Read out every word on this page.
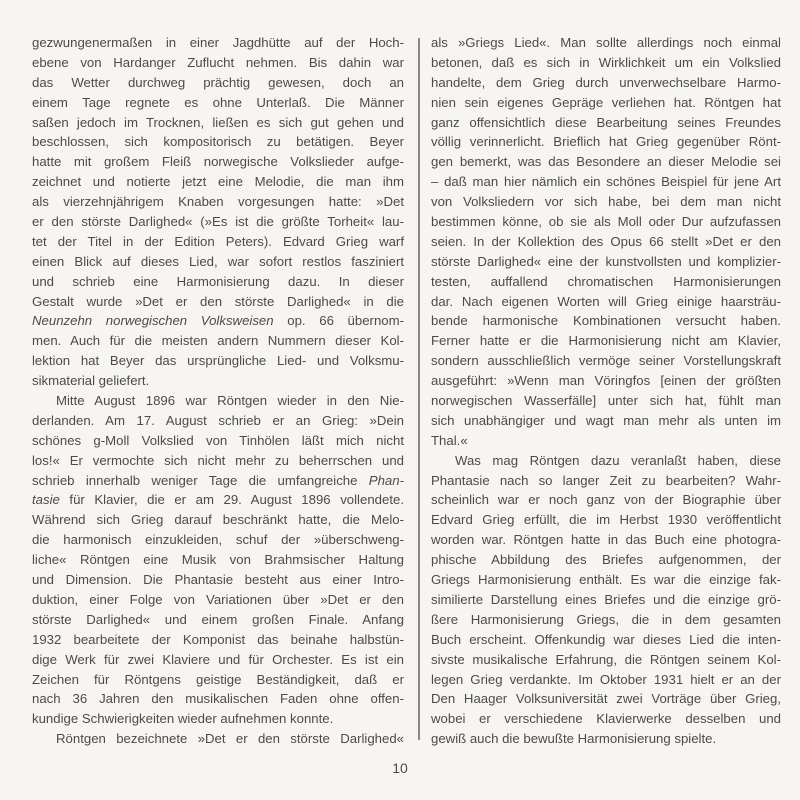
gezwungenermaßen in einer Jagdhütte auf der Hoch-
ebene von Hardanger Zuflucht nehmen. Bis dahin war
das Wetter durchweg prächtig gewesen, doch an
einem Tage regnete es ohne Unterlaß. Die Männer
saßen jedoch im Trocknen, ließen es sich gut gehen und
beschlossen, sich kompositorisch zu betätigen. Beyer
hatte mit großem Fleiß norwegische Volkslieder aufge-
zeichnet und notierte jetzt eine Melodie, die man ihm
als vierzehnjährigem Knaben vorgesungen hatte: »Det
er den störste Darlighed« (»Es ist die größte Torheit« lau-
tet der Titel in der Edition Peters). Edvard Grieg warf
einen Blick auf dieses Lied, war sofort restlos fasziniert
und schrieb eine Harmonisierung dazu. In dieser
Gestalt wurde »Det er den störste Darlighed« in die
Neunzehn norwegischen Volksweisen op. 66 übernom-
men. Auch für die meisten andern Nummern dieser Kol-
lektion hat Beyer das ursprüngliche Lied- und Volksmu-
sikmaterial geliefert.
Mitte August 1896 war Röntgen wieder in den Nie-
derlanden. Am 17. August schrieb er an Grieg: »Dein
schönes g-Moll Volkslied von Tinhölen läßt mich nicht
los!« Er vermochte sich nicht mehr zu beherrschen und
schrieb innerhalb weniger Tage die umfangreiche Phan-
tasie für Klavier, die er am 29. August 1896 vollendete.
Während sich Grieg darauf beschränkt hatte, die Melo-
die harmonisch einzukleiden, schuf der »überschweng-
liche« Röntgen eine Musik von Brahmsischer Haltung
und Dimension. Die Phantasie besteht aus einer Intro-
duktion, einer Folge von Variationen über »Det er den
störste Darlighed« und einem großen Finale. Anfang
1932 bearbeitete der Komponist das beinahe halbstün-
dige Werk für zwei Klaviere und für Orchester. Es ist ein
Zeichen für Röntgens geistige Beständigkeit, daß er
nach 36 Jahren den musikalischen Faden ohne offen-
kundige Schwierigkeiten wieder aufnehmen konnte.
Röntgen bezeichnete »Det er den störste Darlighed«
als »Griegs Lied«. Man sollte allerdings noch einmal
betonen, daß es sich in Wirklichkeit um ein Volkslied
handelte, dem Grieg durch unverwechselbare Harmo-
nien sein eigenes Gepräge verliehen hat. Röntgen hat
ganz offensichtlich diese Bearbeitung seines Freundes
völlig verinnerlicht. Brieflich hat Grieg gegenüber Rönt-
gen bemerkt, was das Besondere an dieser Melodie sei
– daß man hier nämlich ein schönes Beispiel für jene Art
von Volksliedern vor sich habe, bei dem man nicht
bestimmen könne, ob sie als Moll oder Dur aufzufassen
seien. In der Kollektion des Opus 66 stellt »Det er den
störste Darlighed« eine der kunstvollsten und komplizier-
testen, auffallend chromatischen Harmonisierungen
dar. Nach eigenen Worten will Grieg einige haarsträu-
bende harmonische Kombinationen versucht haben.
Ferner hatte er die Harmonisierung nicht am Klavier,
sondern ausschließlich vermöge seiner Vorstellungskraft
ausgeführt: »Wenn man Vöringfos [einen der größten
norwegischen Wasserfälle] unter sich hat, fühlt man
sich unabhängiger und wagt man mehr als unten im
Thal.«
Was mag Röntgen dazu veranlaßt haben, diese
Phantasie nach so langer Zeit zu bearbeiten? Wahr-
scheinlich war er noch ganz von der Biographie über
Edvard Grieg erfüllt, die im Herbst 1930 veröffentlicht
worden war. Röntgen hatte in das Buch eine photogra-
phische Abbildung des Briefes aufgenommen, der
Griegs Harmonisierung enthält. Es war die einzige fak-
similierte Darstellung eines Briefes und die einzige grö-
ßere Harmonisierung Griegs, die in dem gesamten
Buch erscheint. Offenkundig war dieses Lied die inten-
sivste musikalische Erfahrung, die Röntgen seinem Kol-
legen Grieg verdankte. Im Oktober 1931 hielt er an der
Den Haager Volksuniversität zwei Vorträge über Grieg,
wobei er verschiedene Klavierwerke desselben und
gewiß auch die bewußte Harmonisierung spielte.
10
